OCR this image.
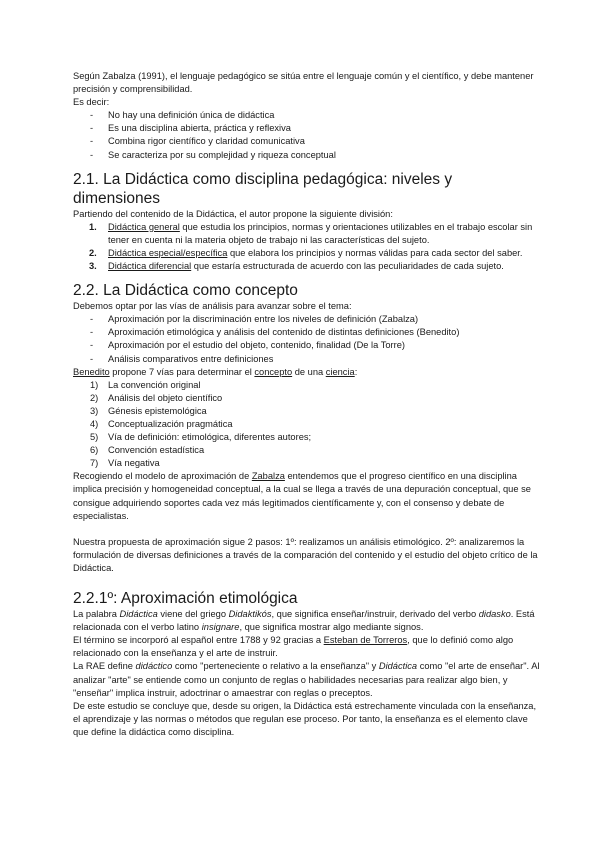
Según Zabalza (1991), el lenguaje pedagógico se sitúa entre el lenguaje común y el científico, y debe mantener precisión y comprensibilidad.

Es decir:

- No hay una definición única de didáctica
- Es una disciplina abierta, práctica y reflexiva
- Combina rigor científico y claridad comunicativa
- Se caracteriza por su complejidad y riqueza conceptual
2.1. La Didáctica como disciplina pedagógica: niveles y dimensiones

Partiendo del contenido de la Didáctica, el autor propone la siguiente división:

1. Didáctica general que estudia los principios, normas y orientaciones utilizables en el trabajo escolar sin tener en cuenta ni la materia objeto de trabajo ni las características del sujeto.
2. Didáctica especial/específica que elabora los principios y normas válidas para cada sector del saber.
3. Didáctica diferencial que estaría estructurada de acuerdo con las peculiaridades de cada sujeto.
2.2. La Didáctica como concepto

Debemos optar por las vías de análisis para avanzar sobre el tema:

- Aproximación por la discriminación entre los niveles de definición (Zabalza)
- Aproximación etimológica y análisis del contenido de distintas definiciones (Benedito)
- Aproximación por el estudio del objeto, contenido, finalidad (De la Torre)
- Análisis comparativos entre definiciones

Benedito propone 7 vías para determinar el concepto de una ciencia:

1) La convención original
2) Análisis del objeto científico
3) Génesis epistemológica
4) Conceptualización pragmática
5) Vía de definición: etimológica, diferentes autores;
6) Convención estadística
7) Vía negativa

Recogiendo el modelo de aproximación de Zabalza entendemos que el progreso científico en una disciplina implica precisión y homogeneidad conceptual, a la cual se llega a través de una depuración conceptual, que se consigue adquiriendo soportes cada vez más legitimados científicamente y, con el consenso y debate de especialistas.

Nuestra propuesta de aproximación sigue 2 pasos: 1º: realizamos un análisis etimológico. 2º: analizaremos la formulación de diversas definiciones a través de la comparación del contenido y el estudio del objeto crítico de la Didáctica.

2.2.1º: Aproximación etimológica

La palabra Didáctica viene del griego Didaktikós, que significa enseñar/instruir, derivado del verbo didasko. Está relacionada con el verbo latino insignare, que significa mostrar algo mediante signos.

El término se incorporó al español entre 1788 y 92 gracias a Esteban de Torreros, que lo definió como algo relacionado con la enseñanza y el arte de instruir.

La RAE define didáctico como "perteneciente o relativo a la enseñanza" y Didáctica como "el arte de enseñar". Al analizar "arte" se entiende como un conjunto de reglas o habilidades necesarias para realizar algo bien, y "enseñar" implica instruir, adoctrinar o amaestrar con reglas o preceptos.

De este estudio se concluye que, desde su origen, la Didáctica está estrechamente vinculada con la enseñanza, el aprendizaje y las normas o métodos que regulan ese proceso. Por tanto, la enseñanza es el elemento clave que define la didáctica como disciplina.
